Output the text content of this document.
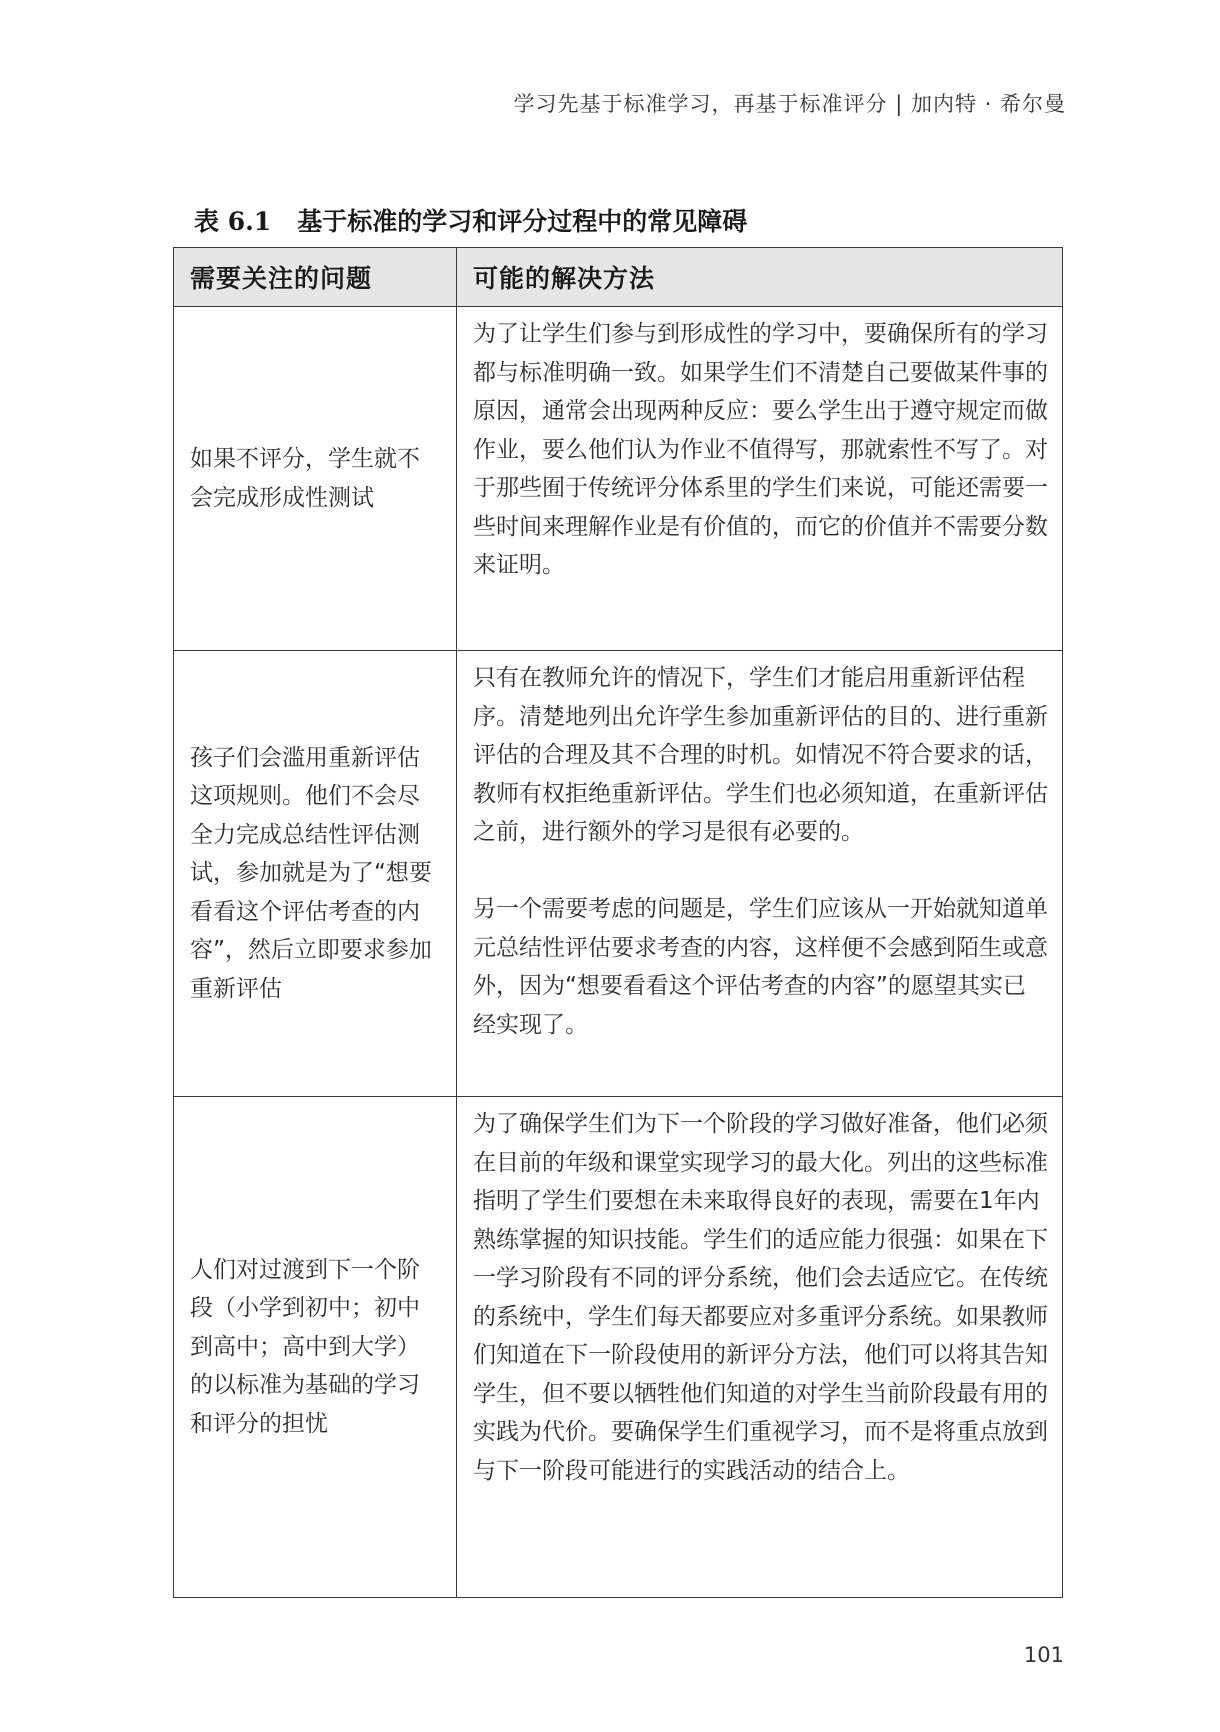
学习先基于标准学习，再基于标准评分 | 加内特 · 希尔曼
表 6.1 基于标准的学习和评分过程中的常见障碍
需要关注的问题	可能的解决方法
如果不评分，学生就不会完成形成性测试	为了让学生们参与到形成性的学习中，要确保所有的学习都与标准明确一致。如果学生们不清楚自己要做某件事的原因，通常会出现两种反应：要么学生出于遵守规定而做作业，要么他们认为作业不值得写，那就索性不写了。对于那些囿于传统评分体系里的学生们来说，可能还需要一些时间来理解作业是有价值的，而它的价值并不需要分数来证明。

孩子们会滥用重新评估这项规则。他们不会尽全力完成总结性评估测试，参加就是为了“想要看看这个评估考查的内容”，然后立即要求参加重新评估	只有在教师允许的情况下，学生们才能启用重新评估程序。清楚地列出允许学生参加重新评估的目的、进行重新评估的合理及其不合理的时机。如情况不符合要求的话，教师有权拒绝重新评估。学生们也必须知道，在重新评估之前，进行额外的学习是很有必要的。

另一个需要考虑的问题是，学生们应该从一开始就知道单元总结性评估要求考查的内容，这样便不会感到陌生或意外，因为“想要看看这个评估考查的内容”的愿望其实已经实现了。

人们对过渡到下一个阶段（小学到初中；初中到高中；高中到大学）的以标准为基础的学习和评分的担忧	为了确保学生们为下一个阶段的学习做好准备，他们必须在目前的年级和课堂实现学习的最大化。列出的这些标准指明了学生们要想在未来取得良好的表现，需要在1年内熟练掌握的知识技能。学生们的适应能力很强：如果在下一学习阶段有不同的评分系统，他们会去适应它。在传统的系统中，学生们每天都要应对多重评分系统。如果教师们知道在下一阶段使用的新评分方法，他们可以将其告知学生，但不要以牺牲他们知道的对学生当前阶段最有用的实践为代价。要确保学生们重视学习，而不是将重点放到与下一阶段可能进行的实践活动的结合上。

101
